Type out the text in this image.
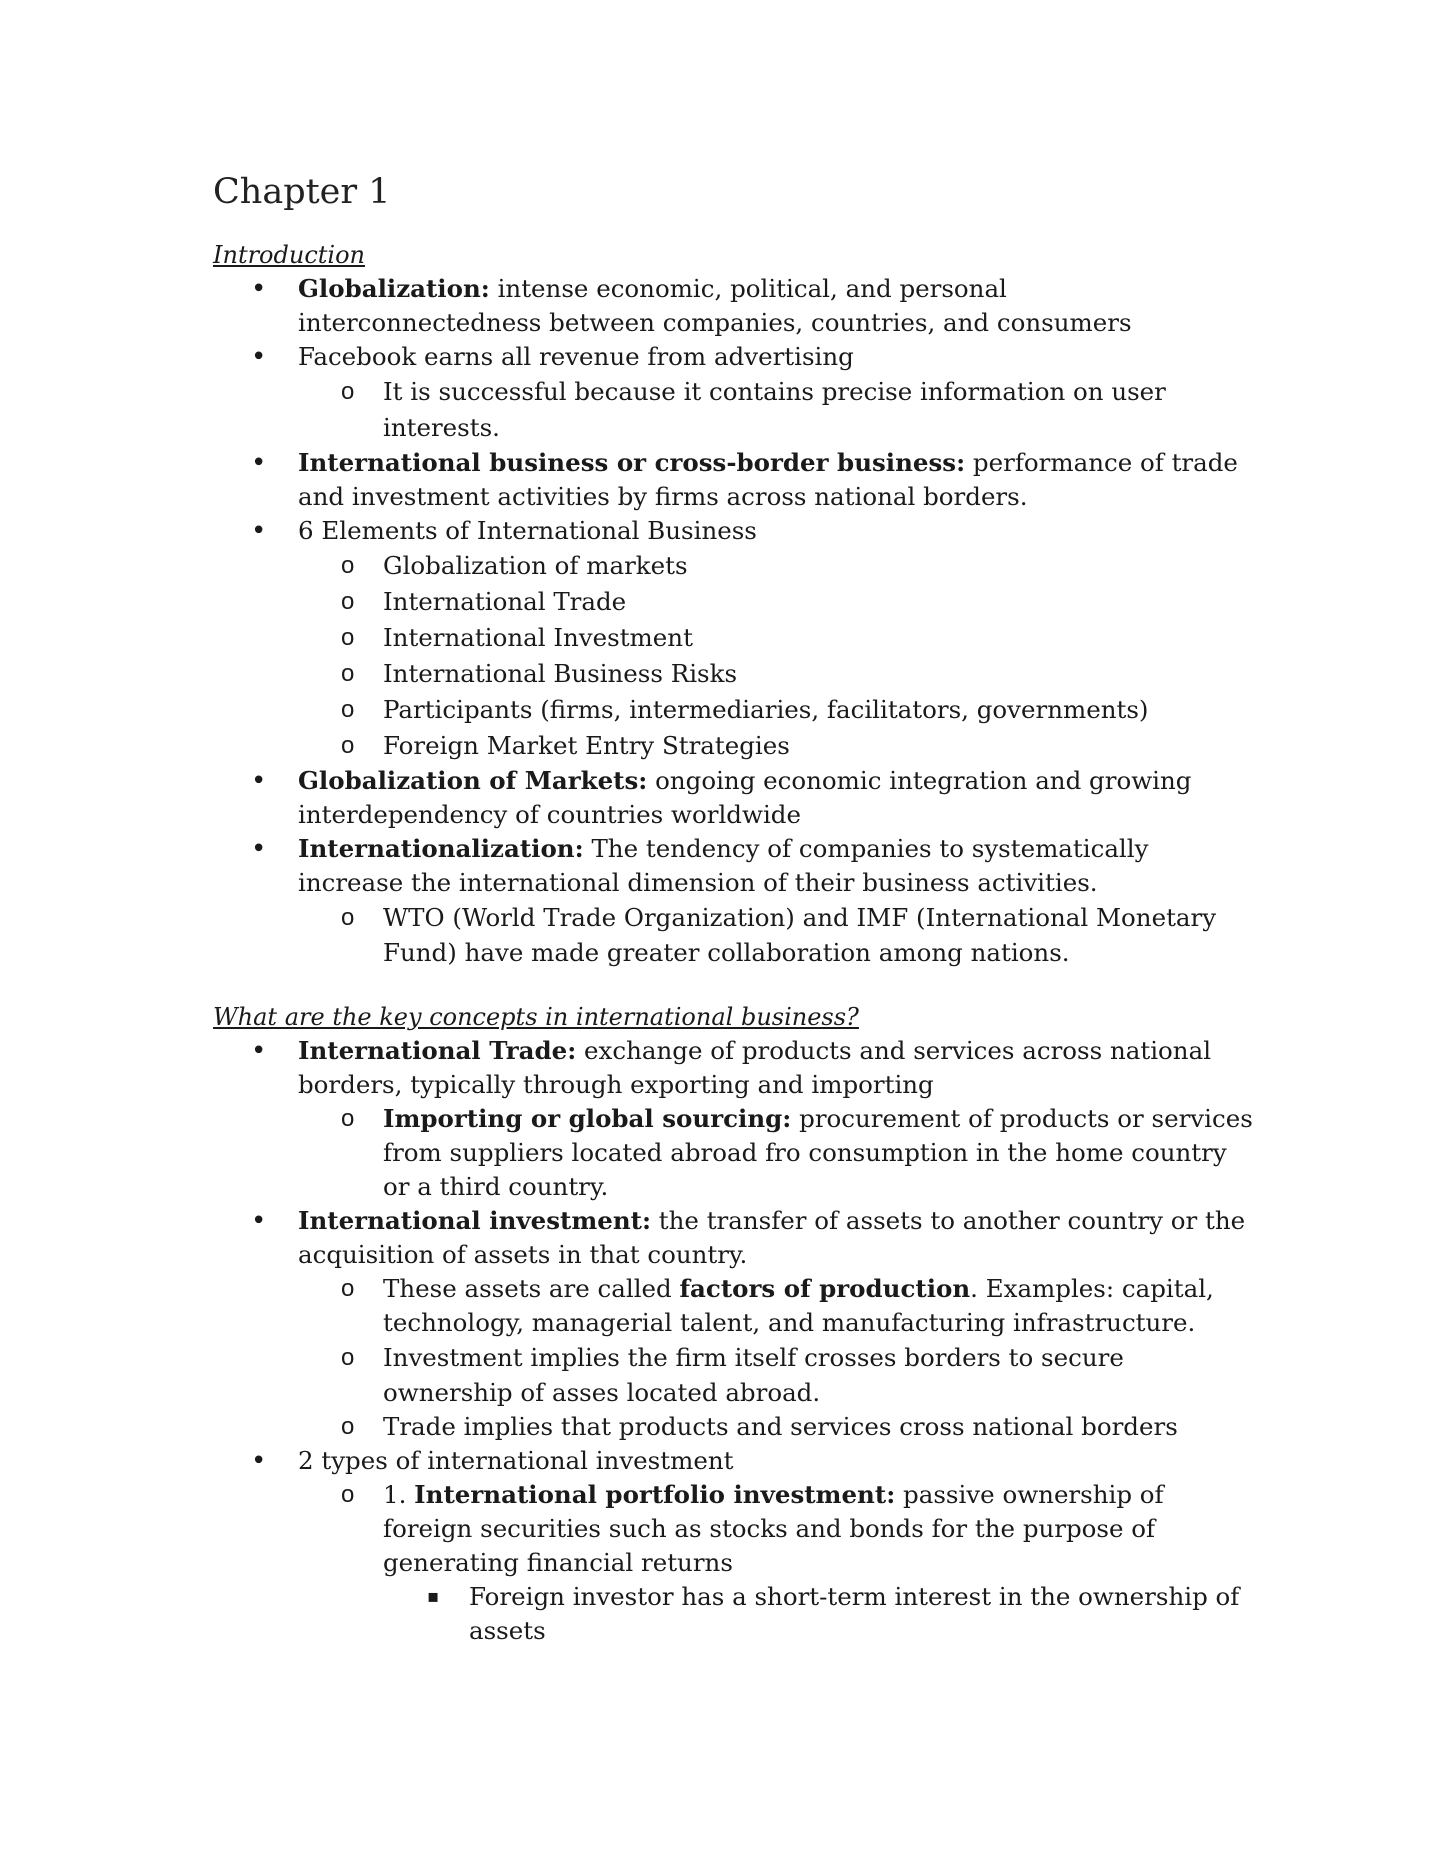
Chapter 1
Introduction
• Globalization: intense economic, political, and personal interconnectedness between companies, countries, and consumers
• Facebook earns all revenue from advertising
o It is successful because it contains precise information on user interests.
• International business or cross-border business: performance of trade and investment activities by firms across national borders.
• 6 Elements of International Business
o Globalization of markets
o International Trade
o International Investment
o International Business Risks
o Participants (firms, intermediaries, facilitators, governments)
o Foreign Market Entry Strategies
• Globalization of Markets: ongoing economic integration and growing interdependency of countries worldwide
• Internationalization: The tendency of companies to systematically increase the international dimension of their business activities.
o WTO (World Trade Organization) and IMF (International Monetary Fund) have made greater collaboration among nations.
What are the key concepts in international business?
• International Trade: exchange of products and services across national borders, typically through exporting and importing
o Importing or global sourcing: procurement of products or services from suppliers located abroad fro consumption in the home country or a third country.
• International investment: the transfer of assets to another country or the acquisition of assets in that country.
o These assets are called factors of production. Examples: capital, technology, managerial talent, and manufacturing infrastructure.
o Investment implies the firm itself crosses borders to secure ownership of asses located abroad.
o Trade implies that products and services cross national borders
• 2 types of international investment
o 1. International portfolio investment: passive ownership of foreign securities such as stocks and bonds for the purpose of generating financial returns
▪ Foreign investor has a short-term interest in the ownership of assets
